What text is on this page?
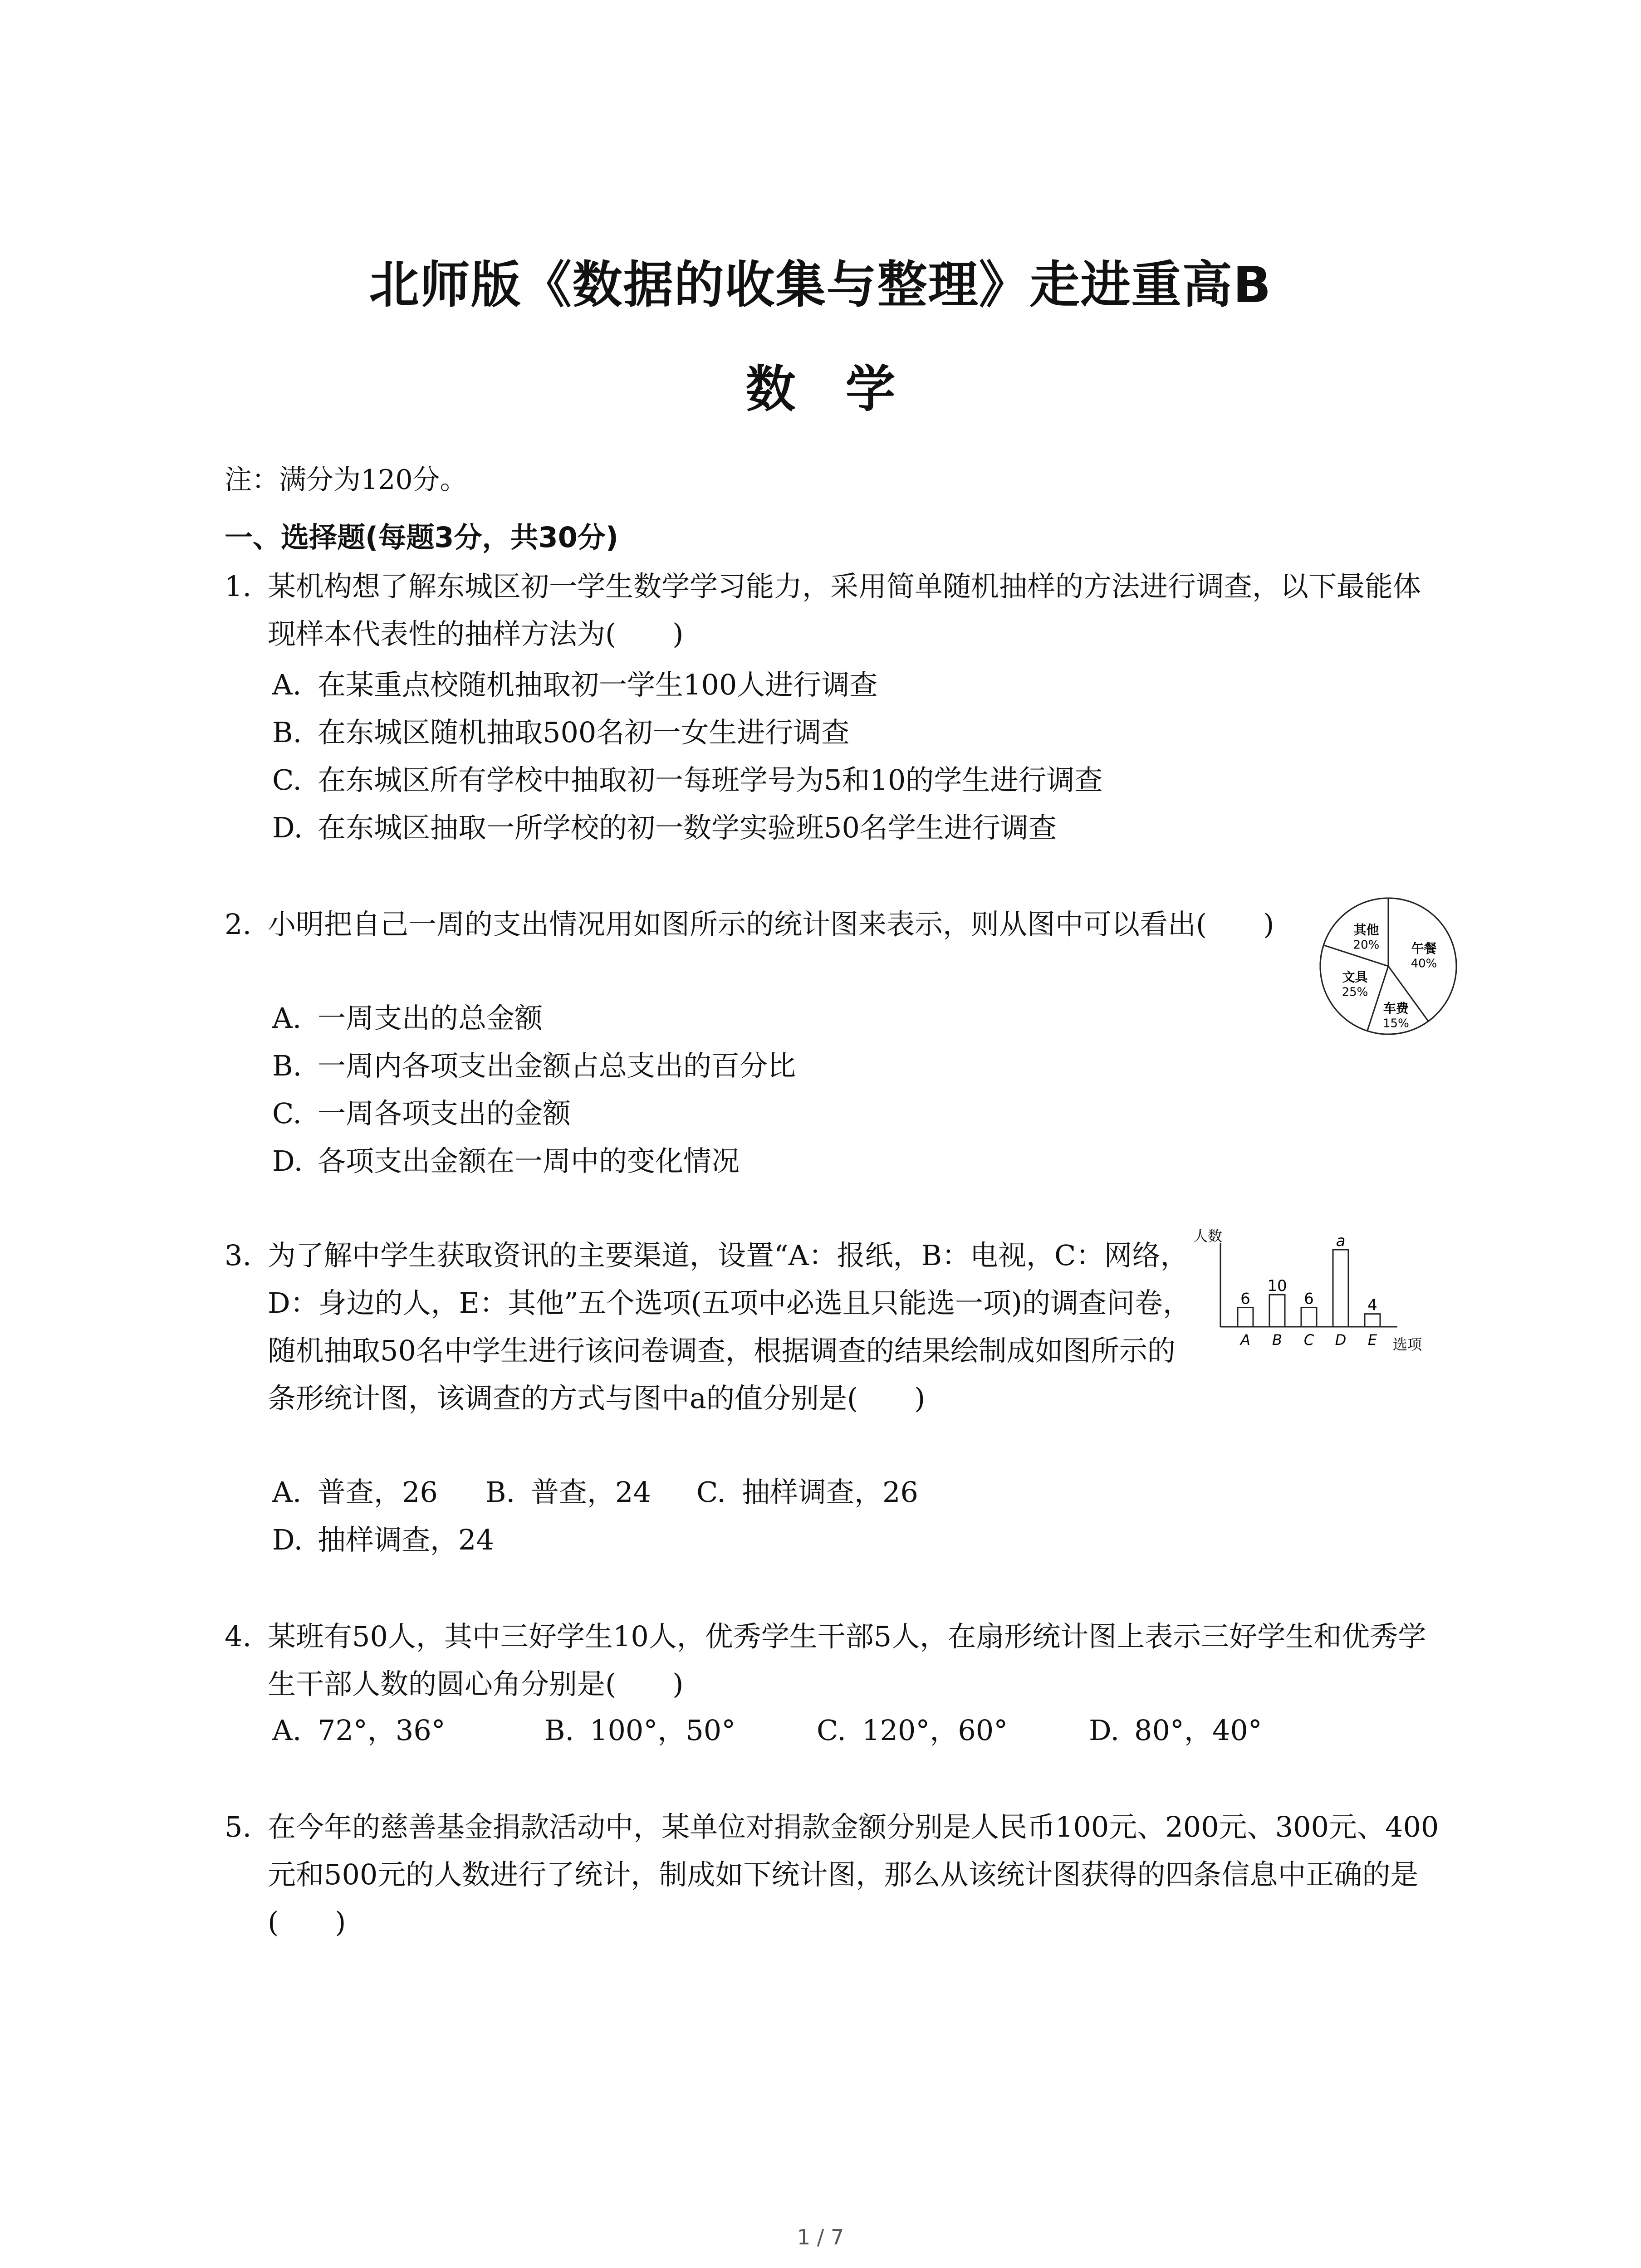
北师版《数据的收集与整理》走进重高B
数学
注：满分为120分。
一、选择题(每题3分，共30分)
1. 某机构想了解东城区初一学生数学学习能力，采用简单随机抽样的方法进行调查，以下最能体现样本代表性的抽样方法为(　　)
A. 在某重点校随机抽取初一学生100人进行调查
B. 在东城区随机抽取500名初一女生进行调查
C. 在东城区所有学校中抽取初一每班学号为5和10的学生进行调查
D. 在东城区抽取一所学校的初一数学实验班50名学生进行调查
2. 小明把自己一周的支出情况用如图所示的统计图来表示，则从图中可以看出(　　)
A. 一周支出的总金额
B. 一周内各项支出金额占总支出的百分比
C. 一周各项支出的金额
D. 各项支出金额在一周中的变化情况
午餐
40%
车费
15%
文具
25%
其他
20%
3. 为了解中学生获取资讯的主要渠道，设置“A：报纸，B：电视，C：网络，D：身边的人，E：其他”五个选项(五项中必选且只能选一项)的调查问卷，随机抽取50名中学生进行该问卷调查，根据调查的结果绘制成如图所示的条形统计图，该调查的方式与图中a的值分别是(　　)
A. 普查，26 B. 普查，24 C. 抽样调查，26
D. 抽样调查，24
人数
选项
6
A
10
B
6
C
a
D
4
E
4. 某班有50人，其中三好学生10人，优秀学生干部5人，在扇形统计图上表示三好学生和优秀学生干部人数的圆心角分别是(　　)
A. 72°，36°	B. 100°，50°	C. 120°，60°	D. 80°，40°
5. 在今年的慈善基金捐款活动中，某单位对捐款金额分别是人民币100元、200元、300元、400元和500元的人数进行了统计，制成如下统计图，那么从该统计图获得的四条信息中正确的是(　　)
1 / 7
